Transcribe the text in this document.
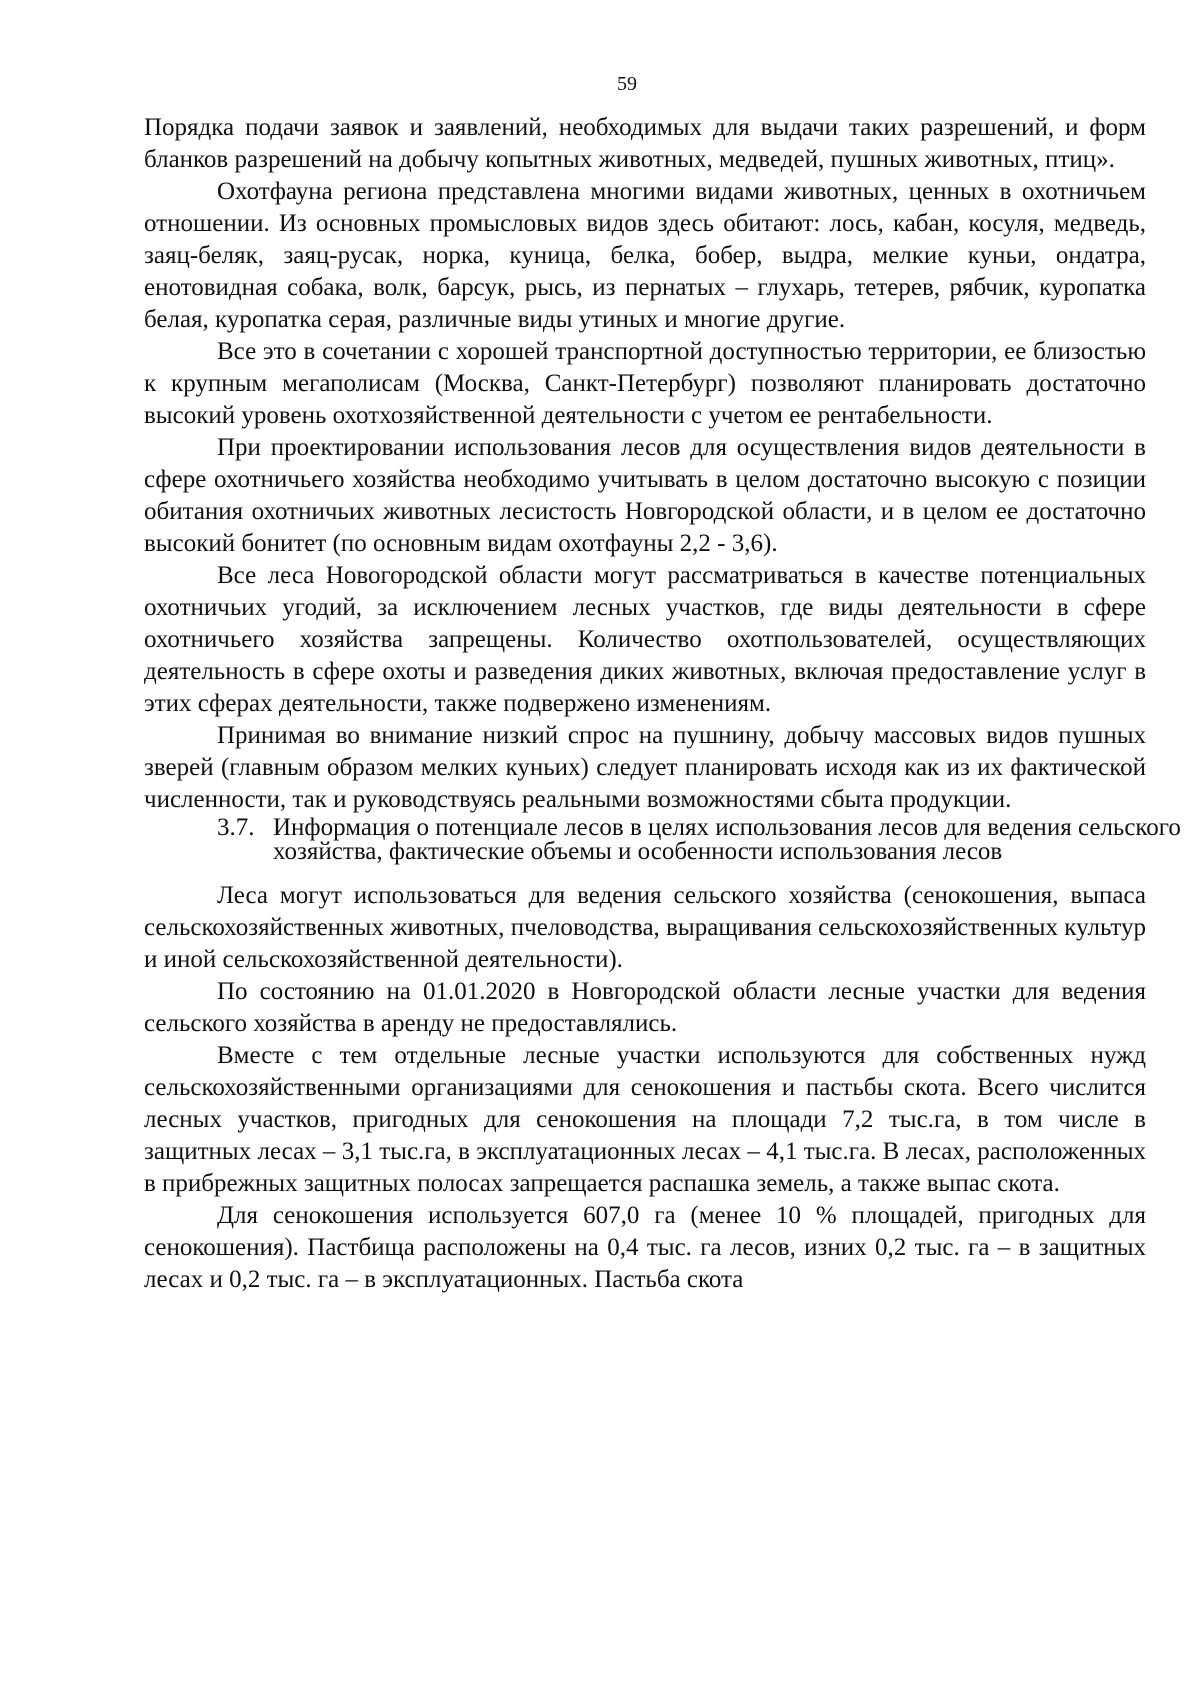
59

Порядка подачи заявок и заявлений, необходимых для выдачи таких разрешений, и форм бланков разрешений на добычу копытных животных, медведей, пушных животных, птиц».

Охотфауна региона представлена многими видами животных, ценных в охотничьем отношении. Из основных промысловых видов здесь обитают: лось, кабан, косуля, медведь, заяц-беляк, заяц-русак, норка, куница, белка, бобер, выдра, мелкие куньи, ондатра, енотовидная собака, волк, барсук, рысь, из пернатых – глухарь, тетерев, рябчик, куропатка белая, куропатка серая, различные виды утиных и многие другие.

Все это в сочетании с хорошей транспортной доступностью территории, ее близостью к крупным мегаполисам (Москва, Санкт-Петербург) позволяют планировать достаточно высокий уровень охотхозяйственной деятельности с учетом ее рентабельности.

При проектировании использования лесов для осуществления видов деятельности в сфере охотничьего хозяйства необходимо учитывать в целом достаточно высокую с позиции обитания охотничьих животных лесистость Новгородской области, и в целом ее достаточно высокий бонитет (по основным видам охотфауны 2,2 - 3,6).

Все леса Новогородской области могут рассматриваться в качестве потенциальных охотничьих угодий, за исключением лесных участков, где виды деятельности в сфере охотничьего хозяйства запрещены. Количество охотпользователей, осуществляющих деятельность в сфере охоты и разведения диких животных, включая предоставление услуг в этих сферах деятельности, также подвержено изменениям.

Принимая во внимание низкий спрос на пушнину, добычу массовых видов пушных зверей (главным образом мелких куньих) следует планировать исходя как из их фактической численности, так и руководствуясь реальными возможностями сбыта продукции.

3.7. Информация о потенциале лесов в целях использования лесов для ведения сельского хозяйства, фактические объемы и особенности использования лесов

Леса могут использоваться для ведения сельского хозяйства (сенокошения, выпаса сельскохозяйственных животных, пчеловодства, выращивания сельскохозяйственных культур и иной сельскохозяйственной деятельности).

По состоянию на 01.01.2020 в Новгородской области лесные участки для ведения сельского хозяйства в аренду не предоставлялись.

Вместе с тем отдельные лесные участки используются для собственных нужд сельскохозяйственными организациями для сенокошения и пастьбы скота. Всего числится лесных участков, пригодных для сенокошения на площади 7,2 тыс.га, в том числе в защитных лесах – 3,1 тыс.га, в эксплуатационных лесах – 4,1 тыс.га. В лесах, расположенных в прибрежных защитных полосах запрещается распашка земель, а также выпас скота.

Для сенокошения используется 607,0 га (менее 10 % площадей, пригодных для сенокошения). Пастбища расположены на 0,4 тыс. га лесов, изних 0,2 тыс. га – в защитных лесах и 0,2 тыс. га – в эксплуатационных. Пастьба скота
